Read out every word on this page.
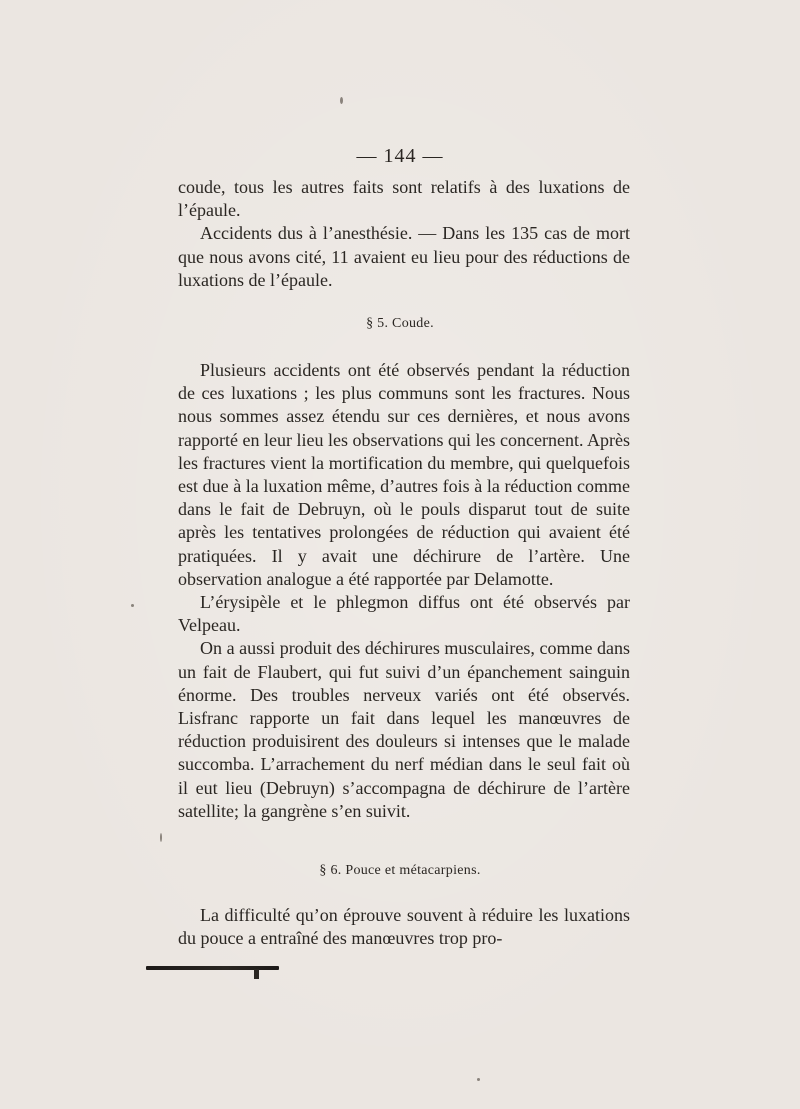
— 144 —

coude, tous les autres faits sont relatifs à des luxations de l’épaule.

Accidents dus à l’anesthésie. — Dans les 135 cas de mort que nous avons cité, 11 avaient eu lieu pour des réductions de luxations de l’épaule.

§ 5. Coude.

Plusieurs accidents ont été observés pendant la réduction de ces luxations ; les plus communs sont les fractures. Nous nous sommes assez étendu sur ces dernières, et nous avons rapporté en leur lieu les observations qui les concernent. Après les fractures vient la mortification du membre, qui quelquefois est due à la luxation même, d’autres fois à la réduction comme dans le fait de Debruyn, où le pouls disparut tout de suite après les tentatives prolongées de réduction qui avaient été pratiquées. Il y avait une déchirure de l’artère. Une observation analogue a été rapportée par Delamotte.

L’érysipèle et le phlegmon diffus ont été observés par Velpeau.

On a aussi produit des déchirures musculaires, comme dans un fait de Flaubert, qui fut suivi d’un épanchement sainguin énorme. Des troubles nerveux variés ont été observés. Lisfranc rapporte un fait dans lequel les manœuvres de réduction produisirent des douleurs si intenses que le malade succomba. L’arrachement du nerf médian dans le seul fait où il eut lieu (Debruyn) s’accompagna de déchirure de l’artère satellite; la gangrène s’en suivit.

§ 6. Pouce et métacarpiens.

La difficulté qu’on éprouve souvent à réduire les luxations du pouce a entraîné des manœuvres trop pro-
